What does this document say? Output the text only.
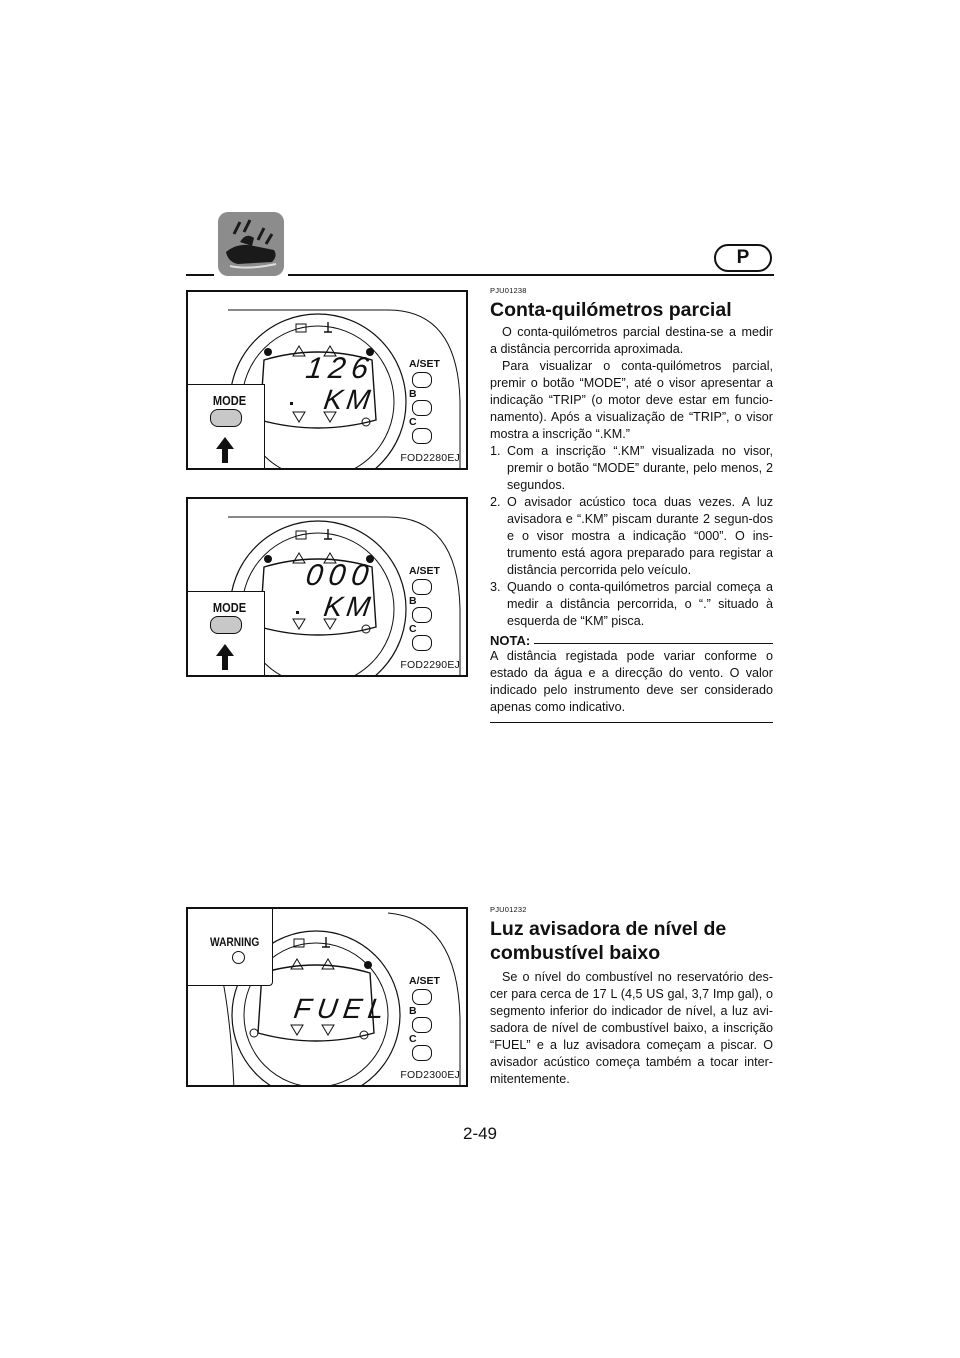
P
126
KM
MODE
A/SET
B
C
FOD2280EJ
000
KM
MODE
A/SET
B
C
FOD2290EJ
WARNING
FUEL
A/SET
B
C
FOD2300EJ
PJU01238
Conta-quilómetros parcial

O conta-quilómetros parcial destina-se a medir a distância percorrida aproximada.

Para visualizar o conta-quilómetros parcial, premir o botão “MODE”, até o visor apresentar a indicação “TRIP” (o motor deve estar em funcio-namento). Após a visualização de “TRIP”, o visor mostra a inscrição “.KM.”

1. Com a inscrição “.KM” visualizada no visor, premir o botão “MODE” durante, pelo menos, 2 segundos.
2. O avisador acústico toca duas vezes. A luz avisadora e “.KM” piscam durante 2 segun-dos e o visor mostra a indicação “000”. O ins-trumento está agora preparado para registar a distância percorrida pelo veículo.
3. Quando o conta-quilómetros parcial começa a medir a distância percorrida, o “.” situado à esquerda de “KM” pisca.
NOTA:

A distância registada pode variar conforme o estado da água e a direcção do vento. O valor indicado pelo instrumento deve ser considerado apenas como indicativo.

PJU01232
Luz avisadora de nível de
combustível baixo

Se o nível do combustível no reservatório des-cer para cerca de 17 L (4,5 US gal, 3,7 Imp gal), o segmento inferior do indicador de nível, a luz avi-sadora de nível de combustível baixo, a inscrição “FUEL” e a luz avisadora começam a piscar. O avisador acústico começa também a tocar inter-mitentemente.

2-49
